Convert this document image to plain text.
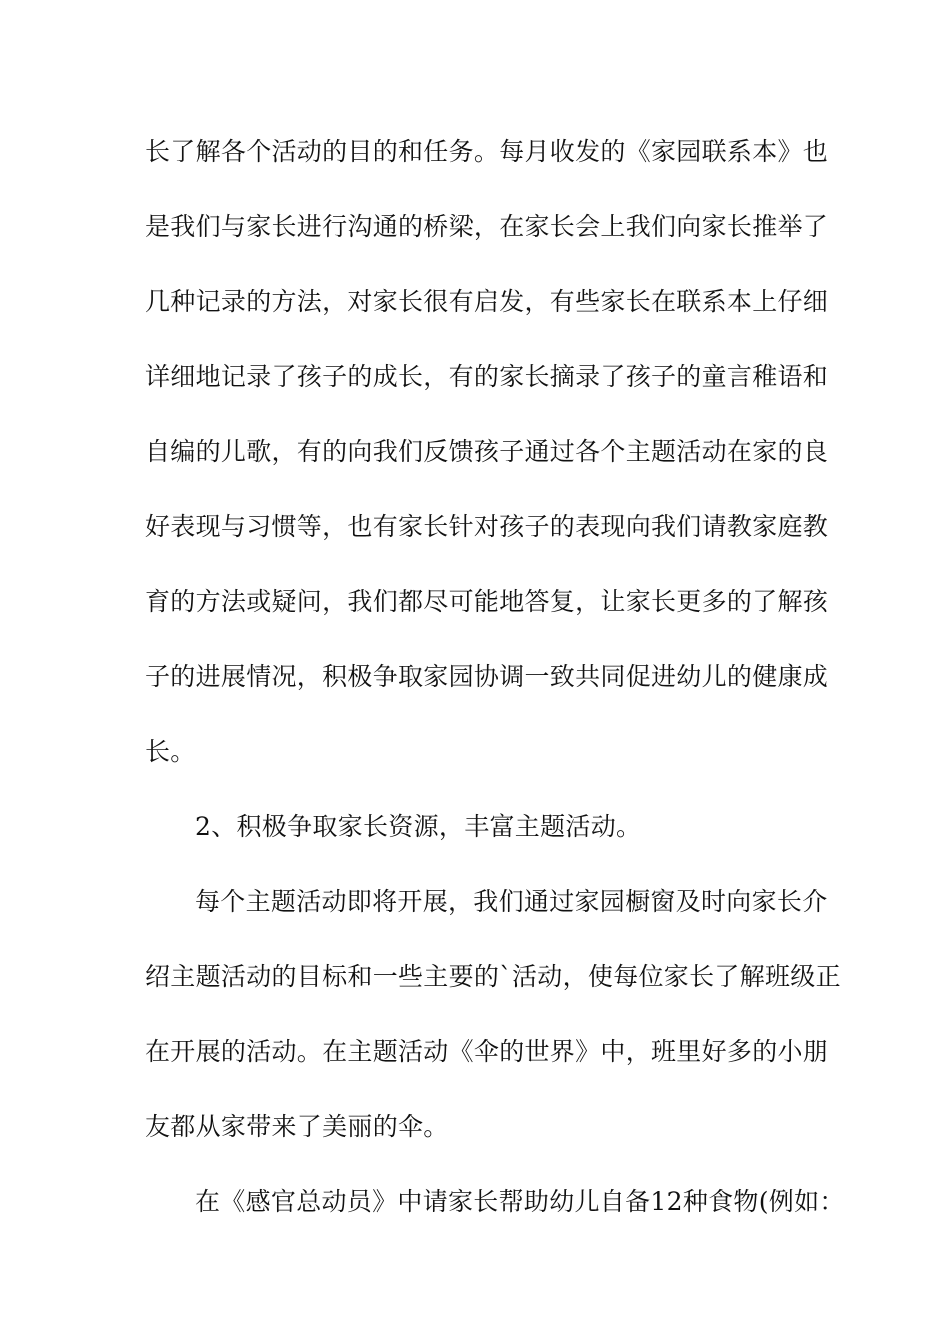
长了解各个活动的目的和任务。每月收发的《家园联系本》也
是我们与家长进行沟通的桥梁，在家长会上我们向家长推举了
几种记录的方法，对家长很有启发，有些家长在联系本上仔细
详细地记录了孩子的成长，有的家长摘录了孩子的童言稚语和
自编的儿歌，有的向我们反馈孩子通过各个主题活动在家的良
好表现与习惯等，也有家长针对孩子的表现向我们请教家庭教
育的方法或疑问，我们都尽可能地答复，让家长更多的了解孩
子的进展情况，积极争取家园协调一致共同促进幼儿的健康成
长。
2、积极争取家长资源，丰富主题活动。
每个主题活动即将开展，我们通过家园橱窗及时向家长介
绍主题活动的目标和一些主要的`活动，使每位家长了解班级正
在开展的活动。在主题活动《伞的世界》中，班里好多的小朋
友都从家带来了美丽的伞。
在《感官总动员》中请家长帮助幼儿自备12种食物(例如：
